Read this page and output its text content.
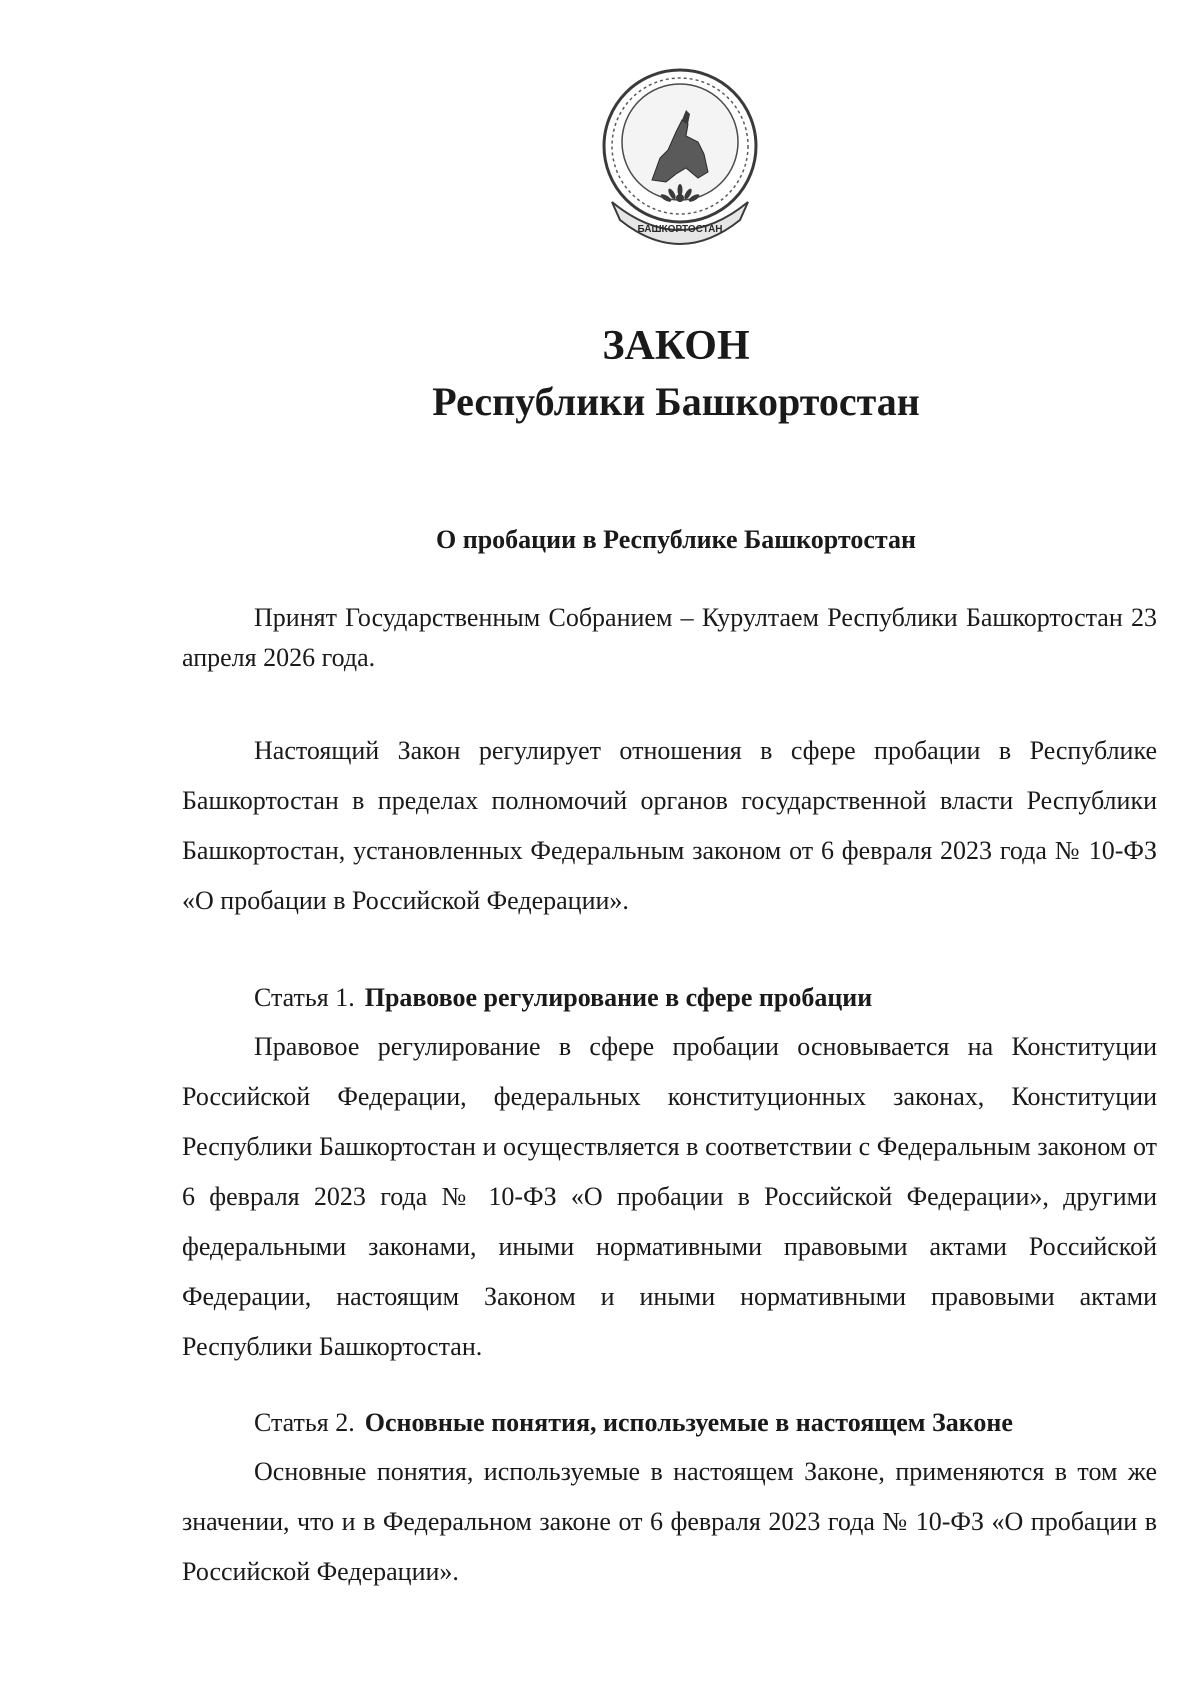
БАШКОРТОСТАН

ЗАКОН

Республики Башкортостан

О пробации в Республике Башкортостан

Принят Государственным Собранием – Курултаем Республики Башкортостан 23 апреля 2026 года.

Настоящий Закон регулирует отношения в сфере пробации в Республике Башкортостан в пределах полномочий органов государственной власти Республики Башкортостан, установленных Федеральным законом от 6 февраля 2023 года № 10-ФЗ «О пробации в Российской Федерации».

Статья 1. Правовое регулирование в сфере пробации

Правовое регулирование в сфере пробации основывается на Конституции Российской Федерации, федеральных конституционных законах, Конституции Республики Башкортостан и осуществляется в соответствии с Федеральным законом от 6 февраля 2023 года № 10-ФЗ «О пробации в Российской Федерации», другими федеральными законами, иными нормативными правовыми актами Российской Федерации, настоящим Законом и иными нормативными правовыми актами Республики Башкортостан.

Статья 2. Основные понятия, используемые в настоящем Законе

Основные понятия, используемые в настоящем Законе, применяются в том же значении, что и в Федеральном законе от 6 февраля 2023 года № 10-ФЗ «О пробации в Российской Федерации».
